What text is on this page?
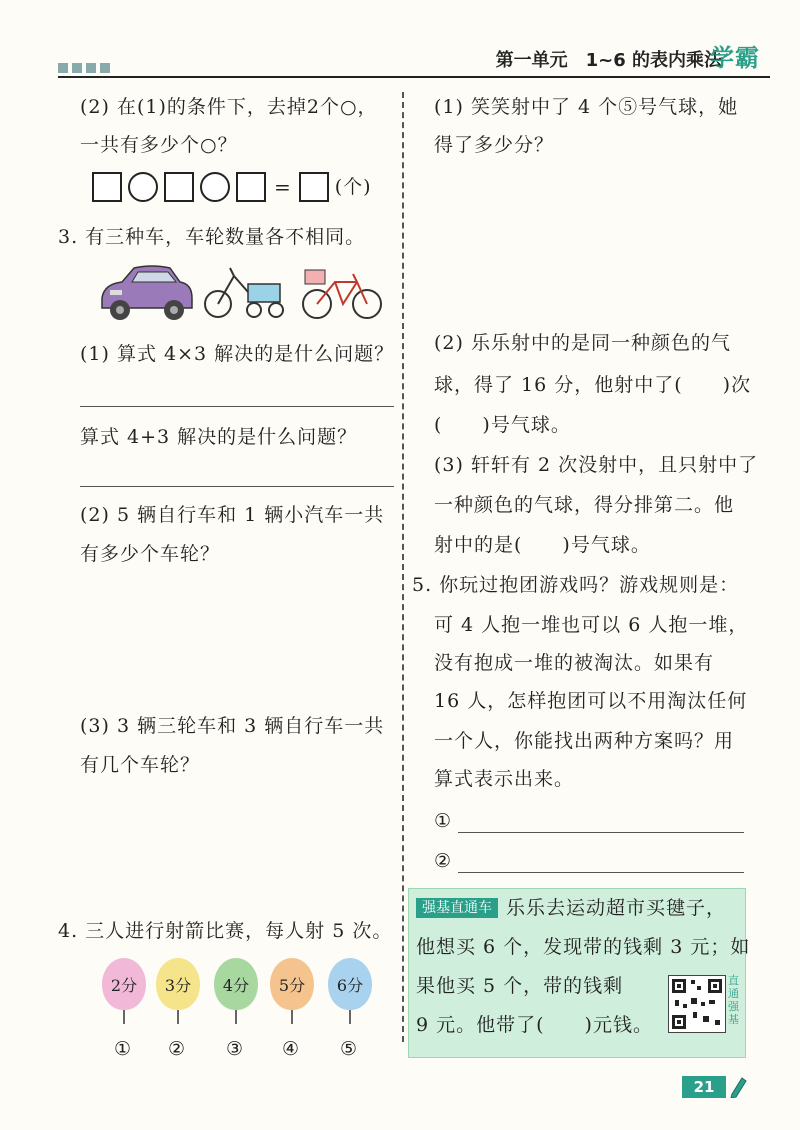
第一单元　1~6 的表内乘法
学霸
(2) 在(1)的条件下，去掉2个○，
一共有多少个○？
= (个)
3. 有三种车，车轮数量各不相同。
(1) 算式 4×3 解决的是什么问题？
算式 4+3 解决的是什么问题？
(2) 5 辆自行车和 1 辆小汽车一共
有多少个车轮？
(3) 3 辆三轮车和 3 辆自行车一共
有几个车轮？
4. 三人进行射箭比赛，每人射 5 次。
2分	3分	4分	5分	6分
① ② ③ ④ ⑤
(1) 笑笑射中了 4 个⑤号气球，她
得了多少分？
(2) 乐乐射中的是同一种颜色的气
球，得了 16 分，他射中了(　　)次
(　　)号气球。
(3) 轩轩有 2 次没射中，且只射中了
一种颜色的气球，得分排第二。他
射中的是(　　)号气球。
5. 你玩过抱团游戏吗？游戏规则是：
可 4 人抱一堆也可以 6 人抱一堆，
没有抱成一堆的被淘汰。如果有
16 人，怎样抱团可以不用淘汰任何
一个人，你能找出两种方案吗？用
算式表示出来。
①
②
强基直通车 乐乐去运动超市买毽子，
他想买 6 个，发现带的钱剩 3 元；如
果他买 5 个，带的钱剩
9 元。他带了(　　)元钱。
直通强基
21
